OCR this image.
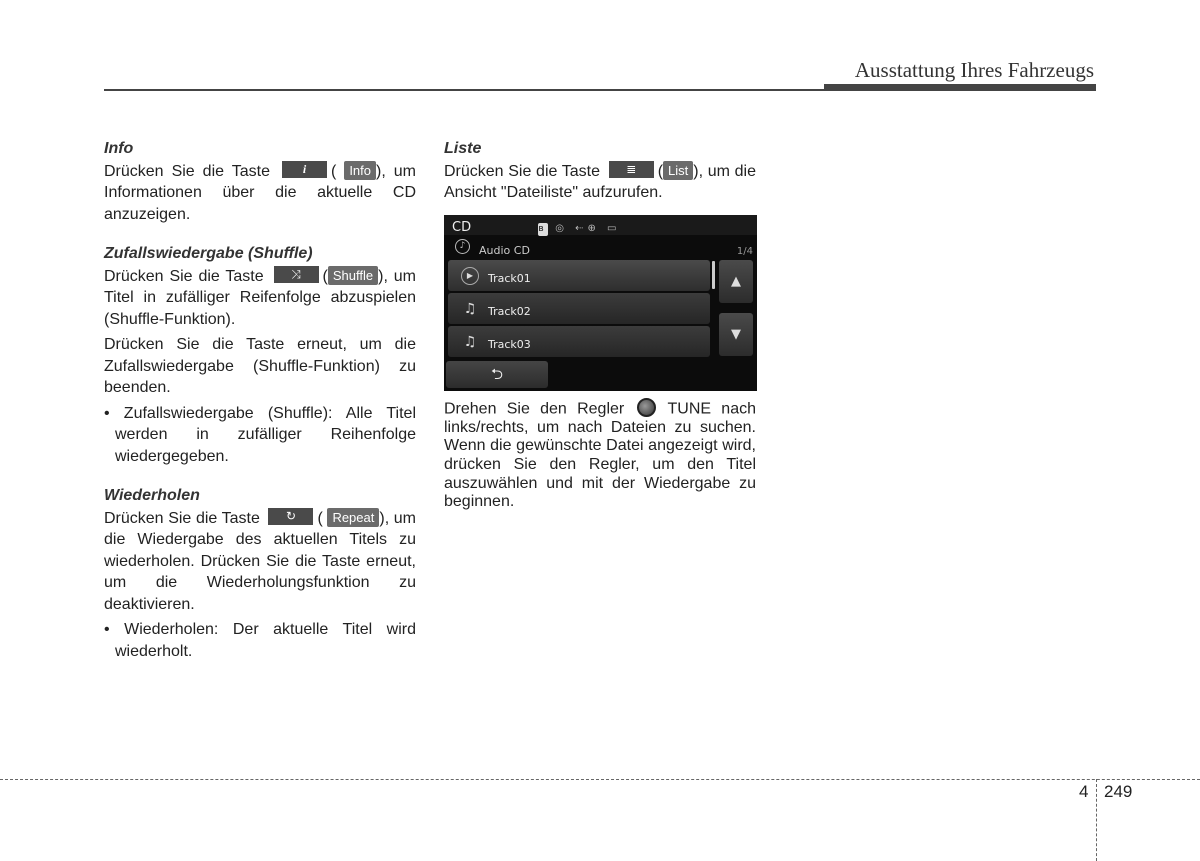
Ausstattung Ihres Fahrzeugs
Info
Drücken Sie die Taste	i ( Info ), um Informationen über die aktuelle CD anzuzeigen.
Zufallswiedergabe (Shuffle)
Drücken Sie die Taste ⤨ ( Shuffle ), um Titel in zufälliger Reifenfolge abzuspielen (Shuffle-Funktion).
Drücken Sie die Taste erneut, um die Zufallswiedergabe (Shuffle-Funktion) zu beenden.
• Zufallswiedergabe (Shuffle): Alle Titel werden in zufälliger Reihenfolge wiedergegeben.
Wiederholen
Drücken Sie die Taste ↻ ( Repeat ), um die Wiedergabe des aktuellen Titels zu wiederholen. Drücken Sie die Taste erneut, um die Wiederholungsfunktion zu deaktivieren.
• Wiederholen: Der aktuelle Titel wird wiederholt.
Liste
Drücken Sie die Taste ≣ ( List ), um die Ansicht "Dateiliste" aufzurufen.
CD	ʙ ◎ ⇠⊕ ▭
♪	Audio CD	1/4
▶	Track01
♫ Track02
♫ Track03
▲
▼
⮌
Drehen Sie den Regler	TUNE nach links/rechts, um nach Dateien zu suchen. Wenn die gewünschte Datei angezeigt wird, drücken Sie den Regler, um den Titel auszuwählen und mit der Wiedergabe zu beginnen.
4 249
